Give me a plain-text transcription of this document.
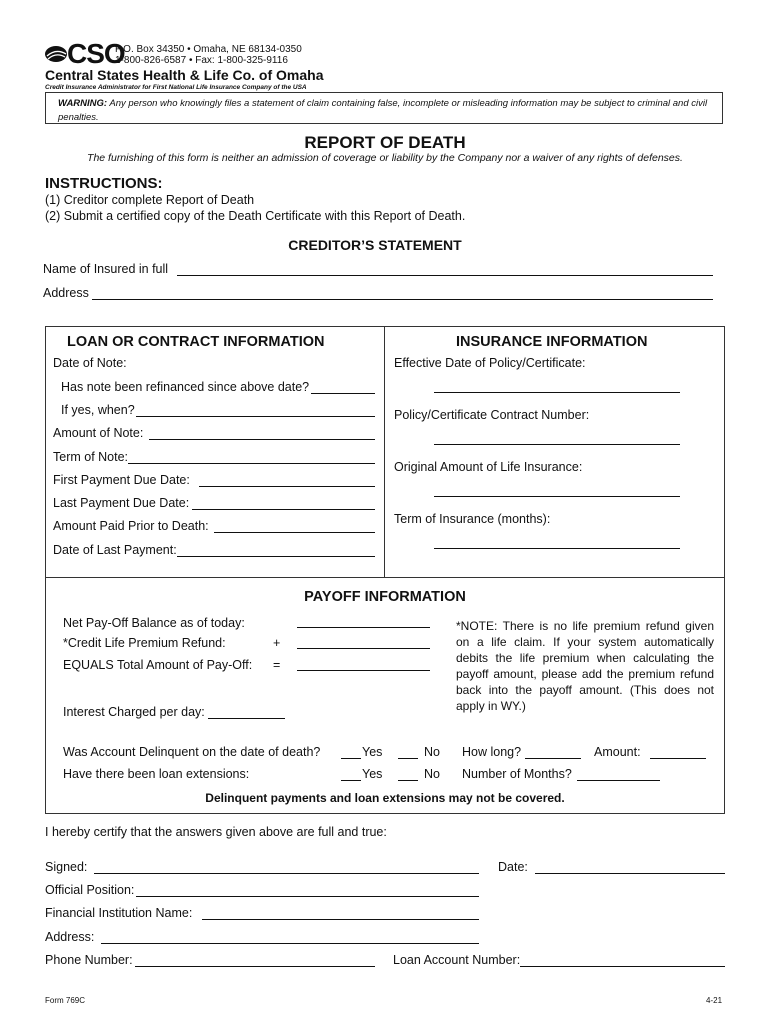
CSO
P.O. Box 34350 • Omaha, NE 68134-0350
1-800-826-6587 • Fax: 1-800-325-9116
Central States Health & Life Co. of Omaha
Credit Insurance Administrator for First National Life Insurance Company of the USA
WARNING: Any person who knowingly files a statement of claim containing false, incomplete or misleading information may be subject to criminal and civil penalties.
REPORT OF DEATH
The furnishing of this form is neither an admission of coverage or liability by the Company nor a waiver of any rights of defenses.
INSTRUCTIONS:
(1) Creditor complete Report of Death
(2) Submit a certified copy of the Death Certificate with this Report of Death.
CREDITOR’S STATEMENT
Name of Insured in full
Address
LOAN OR CONTRACT INFORMATION
Date of Note:
Has note been refinanced since above date?
If yes, when?
Amount of Note:
Term of Note:
First Payment Due Date:
Last Payment Due Date:
Amount Paid Prior to Death:
Date of Last Payment:
INSURANCE INFORMATION
Effective Date of Policy/Certificate:
Policy/Certificate Contract Number:
Original Amount of Life Insurance:
Term of Insurance (months):
PAYOFF INFORMATION
Net Pay-Off Balance as of today:
*Credit Life Premium Refund:	+
EQUALS Total Amount of Pay-Off: =
*NOTE: There is no life premium refund given on a life claim. If your system automatically debits the life premium when calculating the payoff amount, please add the premium refund back into the payoff amount. (This does not apply in WY.)
Interest Charged per day:
Was Account Delinquent on the date of death?	Yes	No How long?	Amount:
Have there been loan extensions:	Yes	No Number of Months?
Delinquent payments and loan extensions may not be covered.
I hereby certify that the answers given above are full and true:
Signed:	Date:
Official Position:
Financial Institution Name:
Address:
Phone Number:	Loan Account Number:
Form 769C	4-21
